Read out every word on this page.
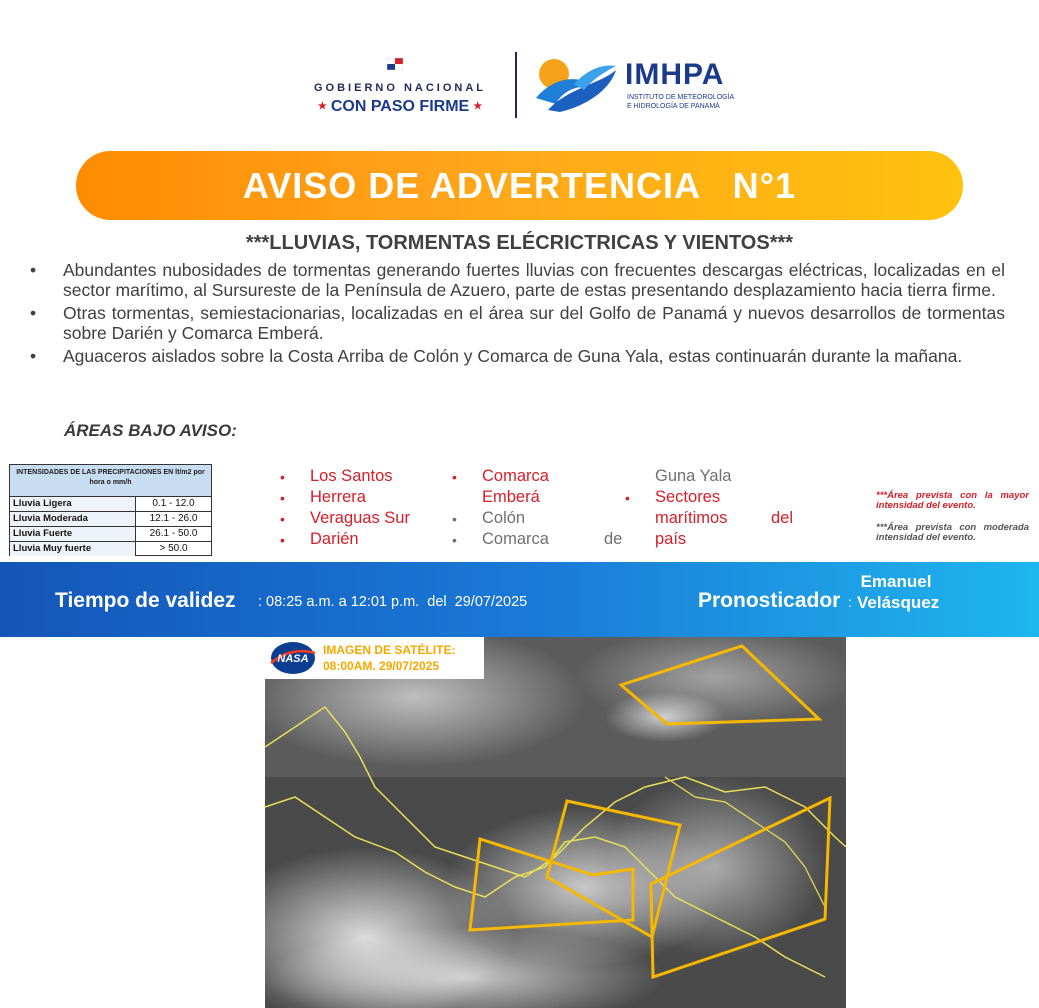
GOBIERNO NACIONAL
★ CON PASO FIRME ★
IMHPA
INSTITUTO DE METEOROLOGÍA
E HIDROLOGÍA DE PANAMÁ
AVISO DE ADVERTENCIA   N°1
***LLUVIAS, TORMENTAS ELÉCRICTRICAS Y VIENTOS***
• Abundantes nubosidades de tormentas generando fuertes lluvias con frecuentes descargas eléctricas, localizadas en el sector marítimo, al Sursureste de la Península de Azuero, parte de estas presentando desplazamiento hacia tierra firme.
• Otras tormentas, semiestacionarias, localizadas en el área sur del Golfo de Panamá y nuevos desarrollos de tormentas sobre Darién y Comarca Emberá.
• Aguaceros aislados sobre la Costa Arriba de Colón y Comarca de Guna Yala, estas continuarán durante la mañana.
ÁREAS BAJO AVISO:
INTENSIDADES DE LAS PRECIPITACIONES EN lt/m2 por hora o mm/h
Lluvia Ligera	0.1 - 12.0
Lluvia Moderada	12.1 - 26.0
Lluvia Fuerte	26.1 - 50.0
Lluvia Muy fuerte	> 50.0
• Los Santos
• Herrera
• Veraguas Sur
• Darién
• Comarca
Emberá
• Colón
• Comarca	de
Guna Yala
• Sectores
marítimos	del
país
***Área prevista con la mayor intensidad del evento.
***Área prevista con moderada intensidad del evento.
Tiempo de validez : 08:25 a.m. a 12:01 p.m.  del  29/07/2025	Pronosticador :
Emanuel
Velásquez
NASA
IMAGEN DE SATÉLITE:
08:00AM. 29/07/2025
